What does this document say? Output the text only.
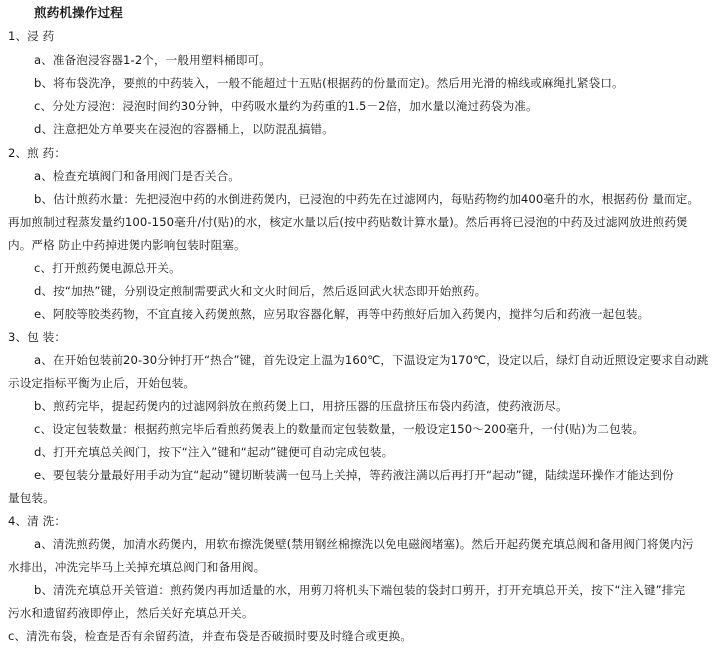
煎药机操作过程
1、浸 药
a、准备泡浸容器1-2个，一般用塑料桶即可。
b、将布袋洗净，要煎的中药装入，一般不能超过十五贴(根据药的份量而定)。然后用光滑的棉线或麻绳扎紧袋口。
c、分处方浸泡：浸泡时间约30分钟，中药吸水量约为药重的1.5－2倍，加水量以淹过药袋为准。
d、注意把处方单要夹在浸泡的容器桶上，以防混乱搞错。
2、煎 药：
a、检查充填阀门和备用阀门是否关合。
b、估计煎药水量：先把浸泡中药的水倒进药煲内，已浸泡的中药先在过滤网内，每贴药物约加400毫升的水，根据药份 量而定。
再加煎制过程蒸发量约100-150毫升/付(贴)的水，核定水量以后(按中药贴数计算水量)。然后再将已浸泡的中药及过滤网放进煎药煲
内。严格 防止中药掉进煲内影响包装时阻塞。
c、打开煎药煲电源总开关。
d、按“加热”键，分别设定煎制需要武火和文火时间后，然后返回武火状态即开始煎药。
e、阿胶等胶类药物，不宜直接入药煲煎熬，应另取容器化解，再等中药煎好后加入药煲内，搅拌匀后和药液一起包装。
3、包 装：
a、在开始包装前20-30分钟打开“热合”键，首先设定上温为160℃，下温设定为170℃，设定以后，绿灯自动近照设定要求自动跳
示设定指标平衡为止后，开始包装。
b、煎药完毕，提起药煲内的过滤网斜放在煎药煲上口，用挤压器的压盘挤压布袋内药渣，使药液沥尽。
c、设定包装数量：根据药煎完毕后看煎药煲表上的数量而定包装数量，一般设定150～200毫升，一付(贴)为二包装。
d、打开充填总关阀门，按下“注入”键和“起动”键便可自动完成包装。
e、要包装分量最好用手动为宜“起动”键切断装满一包马上关掉，等药液注满以后再打开“起动”键，陆续逞环操作才能达到份
量包装。
4、清 洗：
a、清洗煎药煲，加清水药煲内，用软布擦洗煲壁(禁用钢丝棉擦洗以免电磁阀堵塞)。然后开起药煲充填总阀和备用阀门将煲内污
水排出，冲洗完毕马上关掉充填总阀门和备用阀。
b、清洗充填总开关管道：煎药煲内再加适量的水，用剪刀将机头下端包装的袋封口剪开，打开充填总开关，按下“注入键”排完
污水和遗留药液即停止，然后关好充填总开关。
c、清洗布袋，检查是否有余留药渣，并查布袋是否破损时要及时缝合或更换。
